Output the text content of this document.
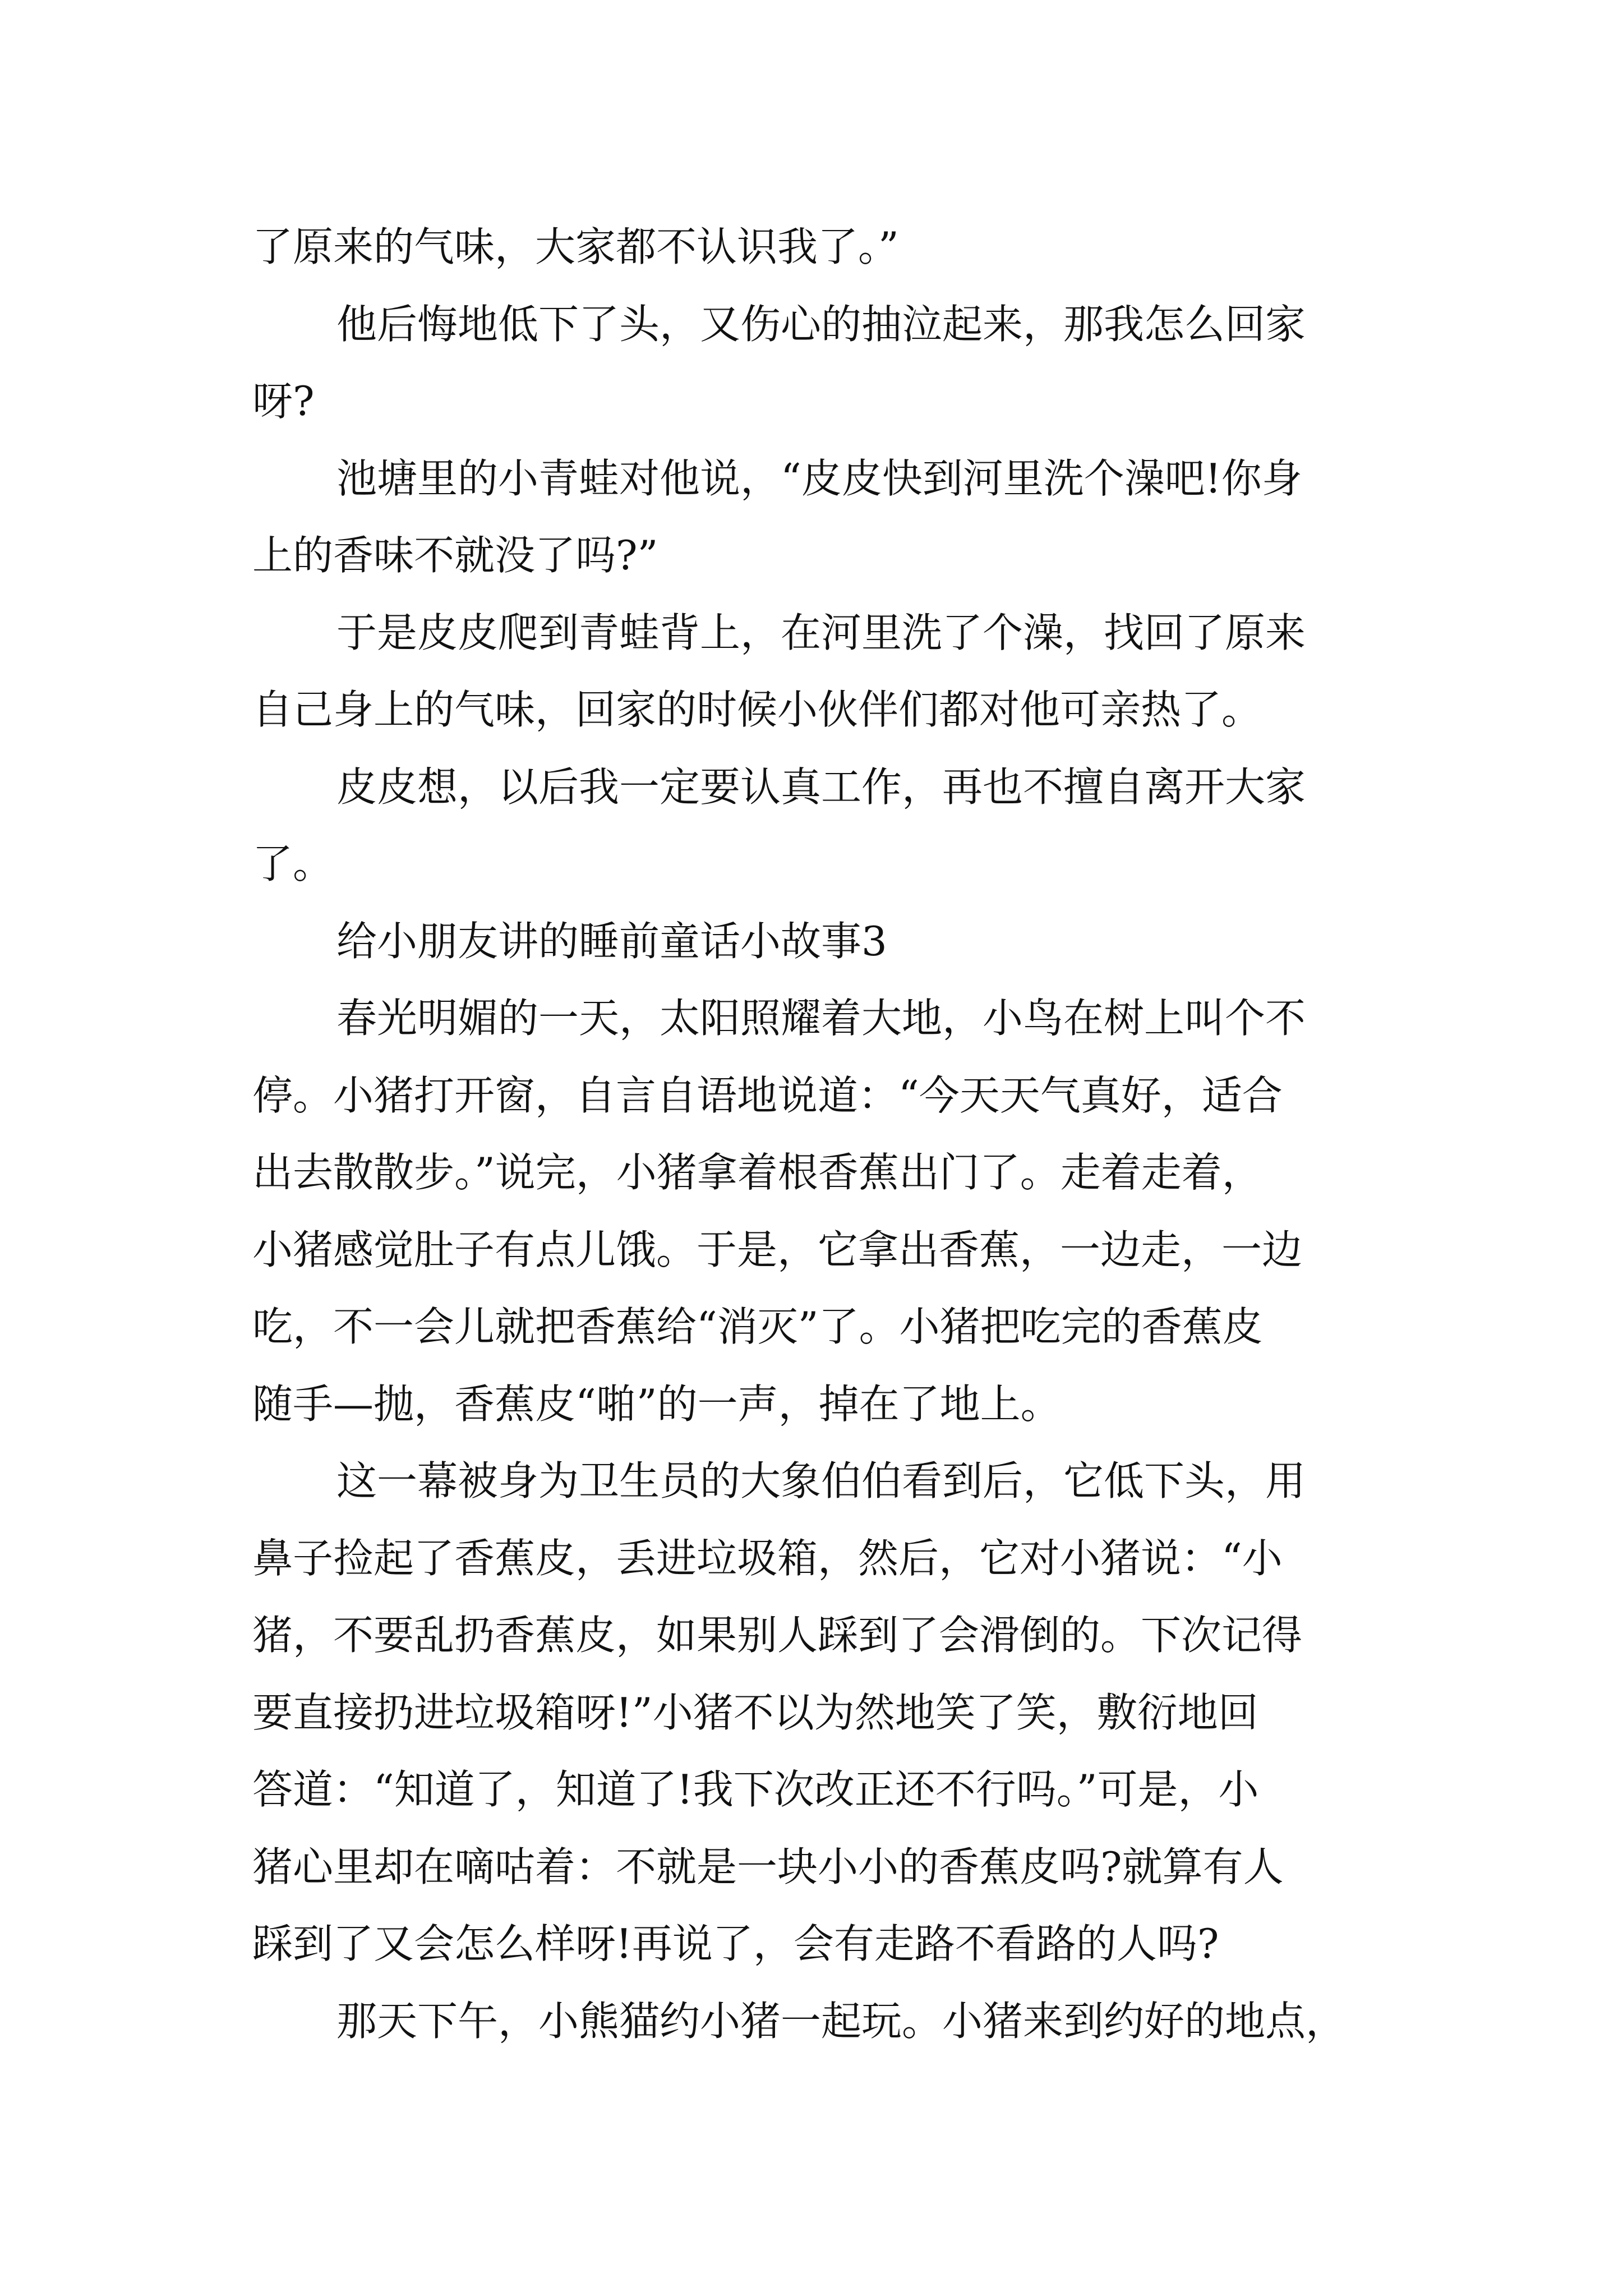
了原来的气味，大家都不认识我了。”
他后悔地低下了头，又伤心的抽泣起来，那我怎么回家
呀?
池塘里的小青蛙对他说，“皮皮快到河里洗个澡吧!你身
上的香味不就没了吗?”
于是皮皮爬到青蛙背上，在河里洗了个澡，找回了原来
自己身上的气味，回家的时候小伙伴们都对他可亲热了。
皮皮想，以后我一定要认真工作，再也不擅自离开大家
了。
给小朋友讲的睡前童话小故事3
春光明媚的一天，太阳照耀着大地，小鸟在树上叫个不
停。小猪打开窗，自言自语地说道：“今天天气真好，适合
出去散散步。”说完，小猪拿着根香蕉出门了。走着走着，
小猪感觉肚子有点儿饿。于是，它拿出香蕉，一边走，一边
吃，不一会儿就把香蕉给“消灭”了。小猪把吃完的香蕉皮
随手—抛，香蕉皮“啪”的一声，掉在了地上。
这一幕被身为卫生员的大象伯伯看到后，它低下头，用
鼻子捡起了香蕉皮，丢进垃圾箱，然后，它对小猪说：“小
猪，不要乱扔香蕉皮，如果别人踩到了会滑倒的。下次记得
要直接扔进垃圾箱呀!”小猪不以为然地笑了笑，敷衍地回
答道：“知道了，知道了!我下次改正还不行吗。”可是，小
猪心里却在嘀咕着：不就是一块小小的香蕉皮吗?就算有人
踩到了又会怎么样呀!再说了，会有走路不看路的人吗?
那天下午，小熊猫约小猪一起玩。小猪来到约好的地点，
